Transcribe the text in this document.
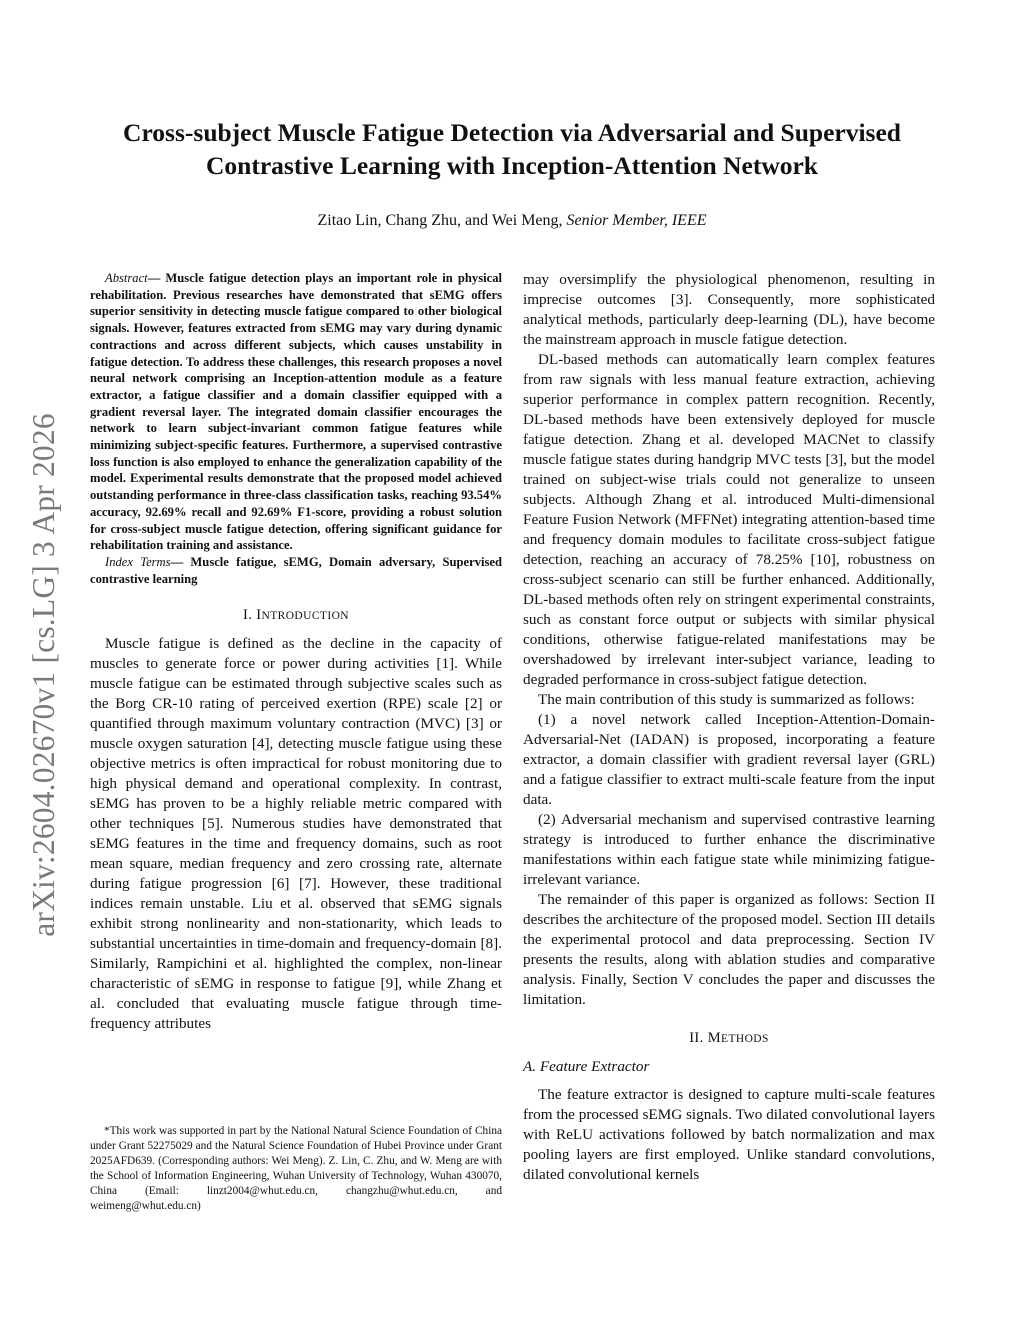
arXiv:2604.02670v1 [cs.LG] 3 Apr 2026
Cross-subject Muscle Fatigue Detection via Adversarial and Supervised Contrastive Learning with Inception-Attention Network
Zitao Lin, Chang Zhu, and Wei Meng, Senior Member, IEEE

Abstract— Muscle fatigue detection plays an important role in physical rehabilitation. Previous researches have demonstrated that sEMG offers superior sensitivity in detecting muscle fatigue compared to other biological signals. However, features extracted from sEMG may vary during dynamic contractions and across different subjects, which causes unstability in fatigue detection. To address these challenges, this research proposes a novel neural network comprising an Inception-attention module as a feature extractor, a fatigue classifier and a domain classifier equipped with a gradient reversal layer. The integrated domain classifier encourages the network to learn subject-invariant common fatigue features while minimizing subject-specific features. Furthermore, a supervised contrastive loss function is also employed to enhance the generalization capability of the model. Experimental results demonstrate that the proposed model achieved outstanding performance in three-class classification tasks, reaching 93.54% accuracy, 92.69% recall and 92.69% F1-score, providing a robust solution for cross-subject muscle fatigue detection, offering significant guidance for rehabilitation training and assistance.

Index Terms— Muscle fatigue, sEMG, Domain adversary, Supervised contrastive learning

I. INTRODUCTION

Muscle fatigue is defined as the decline in the capacity of muscles to generate force or power during activities [1]. While muscle fatigue can be estimated through subjective scales such as the Borg CR-10 rating of perceived exertion (RPE) scale [2] or quantified through maximum voluntary contraction (MVC) [3] or muscle oxygen saturation [4], detecting muscle fatigue using these objective metrics is often impractical for robust monitoring due to high physical demand and operational complexity. In contrast, sEMG has proven to be a highly reliable metric compared with other techniques [5]. Numerous studies have demonstrated that sEMG features in the time and frequency domains, such as root mean square, median frequency and zero crossing rate, alternate during fatigue progression [6] [7]. However, these traditional indices remain unstable. Liu et al. observed that sEMG signals exhibit strong nonlinearity and non-stationarity, which leads to substantial uncertainties in time-domain and frequency-domain [8]. Similarly, Rampichini et al. highlighted the complex, non-linear characteristic of sEMG in response to fatigue [9], while Zhang et al. concluded that evaluating muscle fatigue through time-frequency attributes

*This work was supported in part by the National Natural Science Foundation of China under Grant 52275029 and the Natural Science Foundation of Hubei Province under Grant 2025AFD639. (Corresponding authors: Wei Meng). Z. Lin, C. Zhu, and W. Meng are with the School of Information Engineering, Wuhan University of Technology, Wuhan 430070, China (Email: linzt2004@whut.edu.cn, changzhu@whut.edu.cn, and weimeng@whut.edu.cn)

may oversimplify the physiological phenomenon, resulting in imprecise outcomes [3]. Consequently, more sophisticated analytical methods, particularly deep-learning (DL), have become the mainstream approach in muscle fatigue detection.

DL-based methods can automatically learn complex features from raw signals with less manual feature extraction, achieving superior performance in complex pattern recognition. Recently, DL-based methods have been extensively deployed for muscle fatigue detection. Zhang et al. developed MACNet to classify muscle fatigue states during handgrip MVC tests [3], but the model trained on subject-wise trials could not generalize to unseen subjects. Although Zhang et al. introduced Multi-dimensional Feature Fusion Network (MFFNet) integrating attention-based time and frequency domain modules to facilitate cross-subject fatigue detection, reaching an accuracy of 78.25% [10], robustness on cross-subject scenario can still be further enhanced. Additionally, DL-based methods often rely on stringent experimental constraints, such as constant force output or subjects with similar physical conditions, otherwise fatigue-related manifestations may be overshadowed by irrelevant inter-subject variance, leading to degraded performance in cross-subject fatigue detection.

The main contribution of this study is summarized as follows:

(1) a novel network called Inception-Attention-Domain-Adversarial-Net (IADAN) is proposed, incorporating a feature extractor, a domain classifier with gradient reversal layer (GRL) and a fatigue classifier to extract multi-scale feature from the input data.

(2) Adversarial mechanism and supervised contrastive learning strategy is introduced to further enhance the discriminative manifestations within each fatigue state while minimizing fatigue-irrelevant variance.

The remainder of this paper is organized as follows: Section II describes the architecture of the proposed model. Section III details the experimental protocol and data preprocessing. Section IV presents the results, along with ablation studies and comparative analysis. Finally, Section V concludes the paper and discusses the limitation.

II. METHODS
A. Feature Extractor

The feature extractor is designed to capture multi-scale features from the processed sEMG signals. Two dilated convolutional layers with ReLU activations followed by batch normalization and max pooling layers are first employed. Unlike standard convolutions, dilated convolutional kernels
